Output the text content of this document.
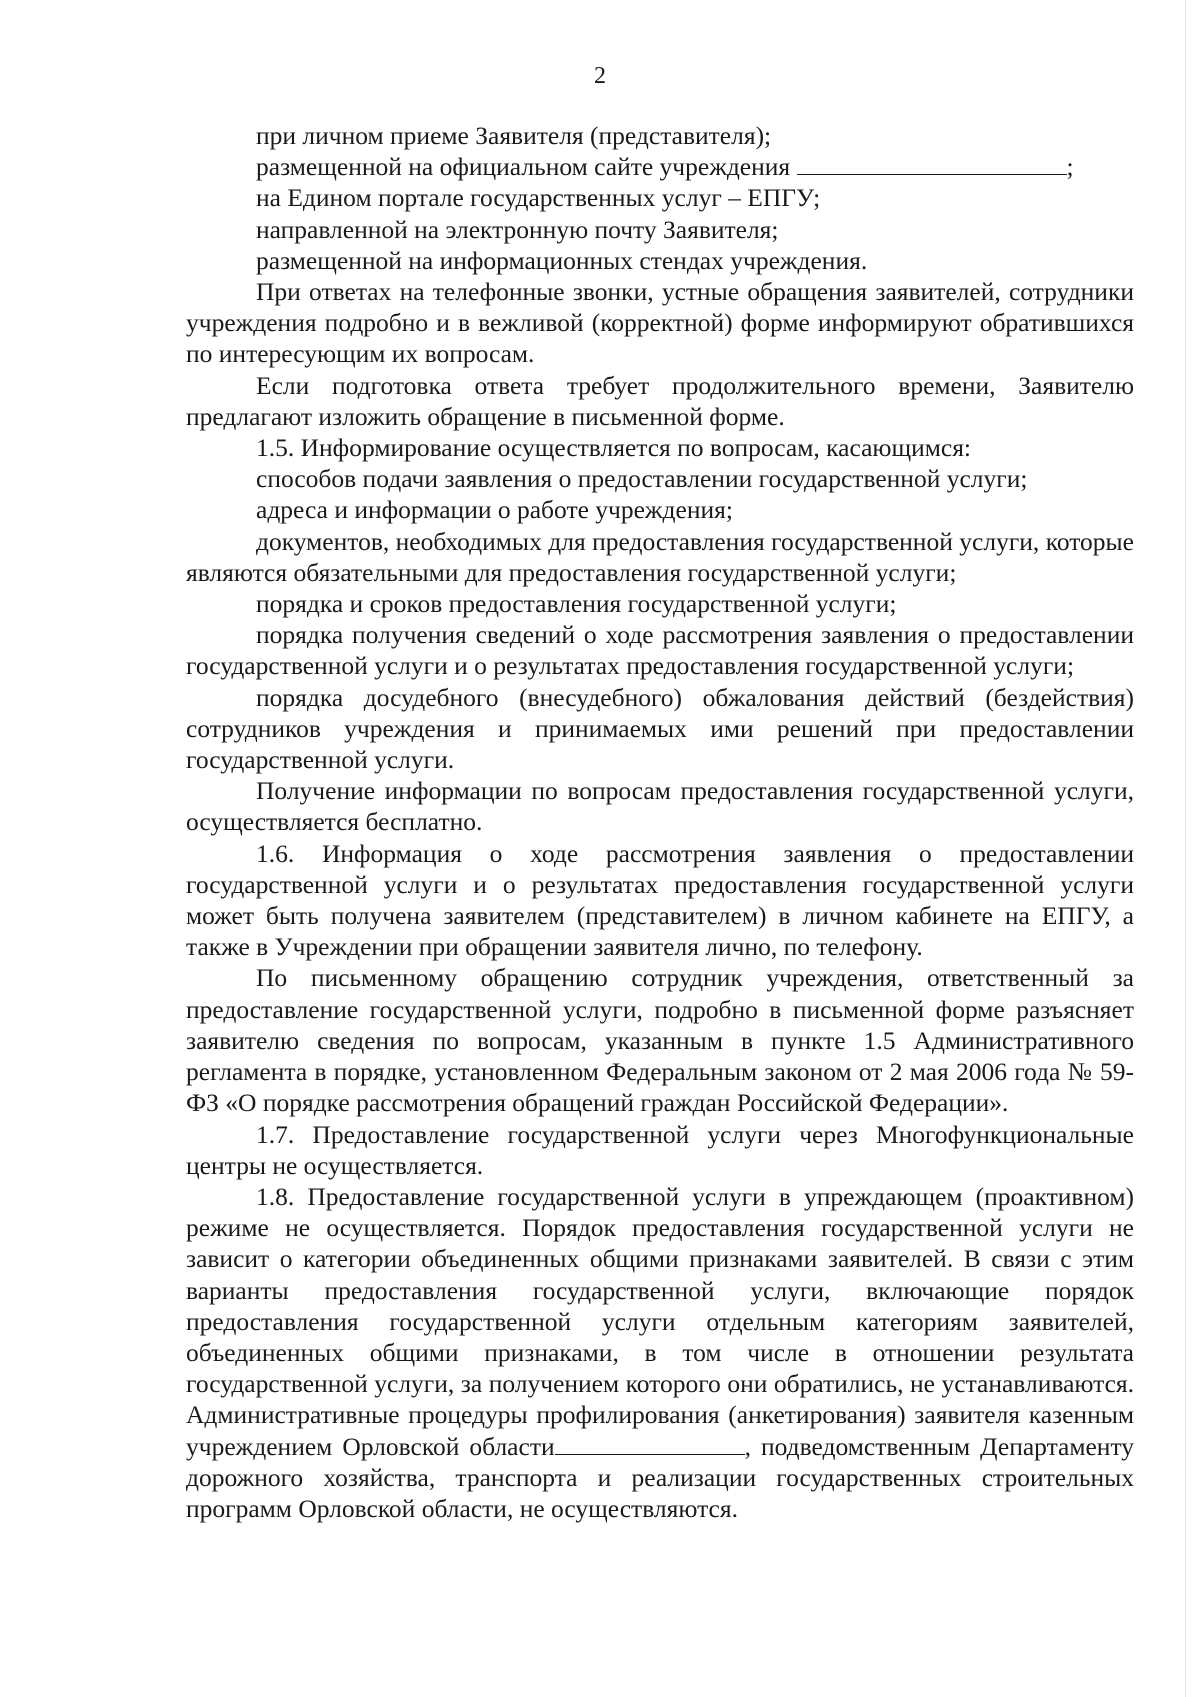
2

при личном приеме Заявителя (представителя);

размещенной на официальном сайте учреждения	;

на Едином портале государственных услуг – ЕПГУ;

направленной на электронную почту Заявителя;

размещенной на информационных стендах учреждения.

При ответах на телефонные звонки, устные обращения заявителей, сотрудники учреждения подробно и в вежливой (корректной) форме информируют обратившихся по интересующим их вопросам.

Если подготовка ответа требует продолжительного времени, Заявителю предлагают изложить обращение в письменной форме.

1.5. Информирование осуществляется по вопросам, касающимся:

способов подачи заявления о предоставлении государственной услуги;

адреса и информации о работе учреждения;

документов, необходимых для предоставления государственной услуги, которые являются обязательными для предоставления государственной услуги;

порядка и сроков предоставления государственной услуги;

порядка получения сведений о ходе рассмотрения заявления о предоставлении государственной услуги и о результатах предоставления государственной услуги;

порядка досудебного (внесудебного) обжалования действий (бездействия) сотрудников учреждения и принимаемых ими решений при предоставлении государственной услуги.

Получение информации по вопросам предоставления государственной услуги, осуществляется бесплатно.

1.6. Информация о ходе рассмотрения заявления о предоставлении государственной услуги и о результатах предоставления государственной услуги может быть получена заявителем (представителем) в личном кабинете на ЕПГУ, а также в Учреждении при обращении заявителя лично, по телефону.

По письменному обращению сотрудник учреждения, ответственный за предоставление государственной услуги, подробно в письменной форме разъясняет заявителю сведения по вопросам, указанным в пункте 1.5 Административного регламента в порядке, установленном Федеральным законом от 2 мая 2006 года № 59-ФЗ «О порядке рассмотрения обращений граждан Российской Федерации».

1.7. Предоставление государственной услуги через Многофункциональные центры не осуществляется.

1.8. Предоставление государственной услуги в упреждающем (проактивном) режиме не осуществляется. Порядок предоставления государственной услуги не зависит о категории объединенных общими признаками заявителей. В связи с этим варианты предоставления государственной услуги, включающие порядок предоставления государственной услуги отдельным категориям заявителей, объединенных общими признаками, в том числе в отношении результата государственной услуги, за получением которого они обратились, не устанавливаются. Административные процедуры профилирования (анкетирования) заявителя казенным учреждением Орловской области	, подведомственным Департаменту дорожного хозяйства, транспорта и реализации государственных строительных программ Орловской области, не осуществляются.
